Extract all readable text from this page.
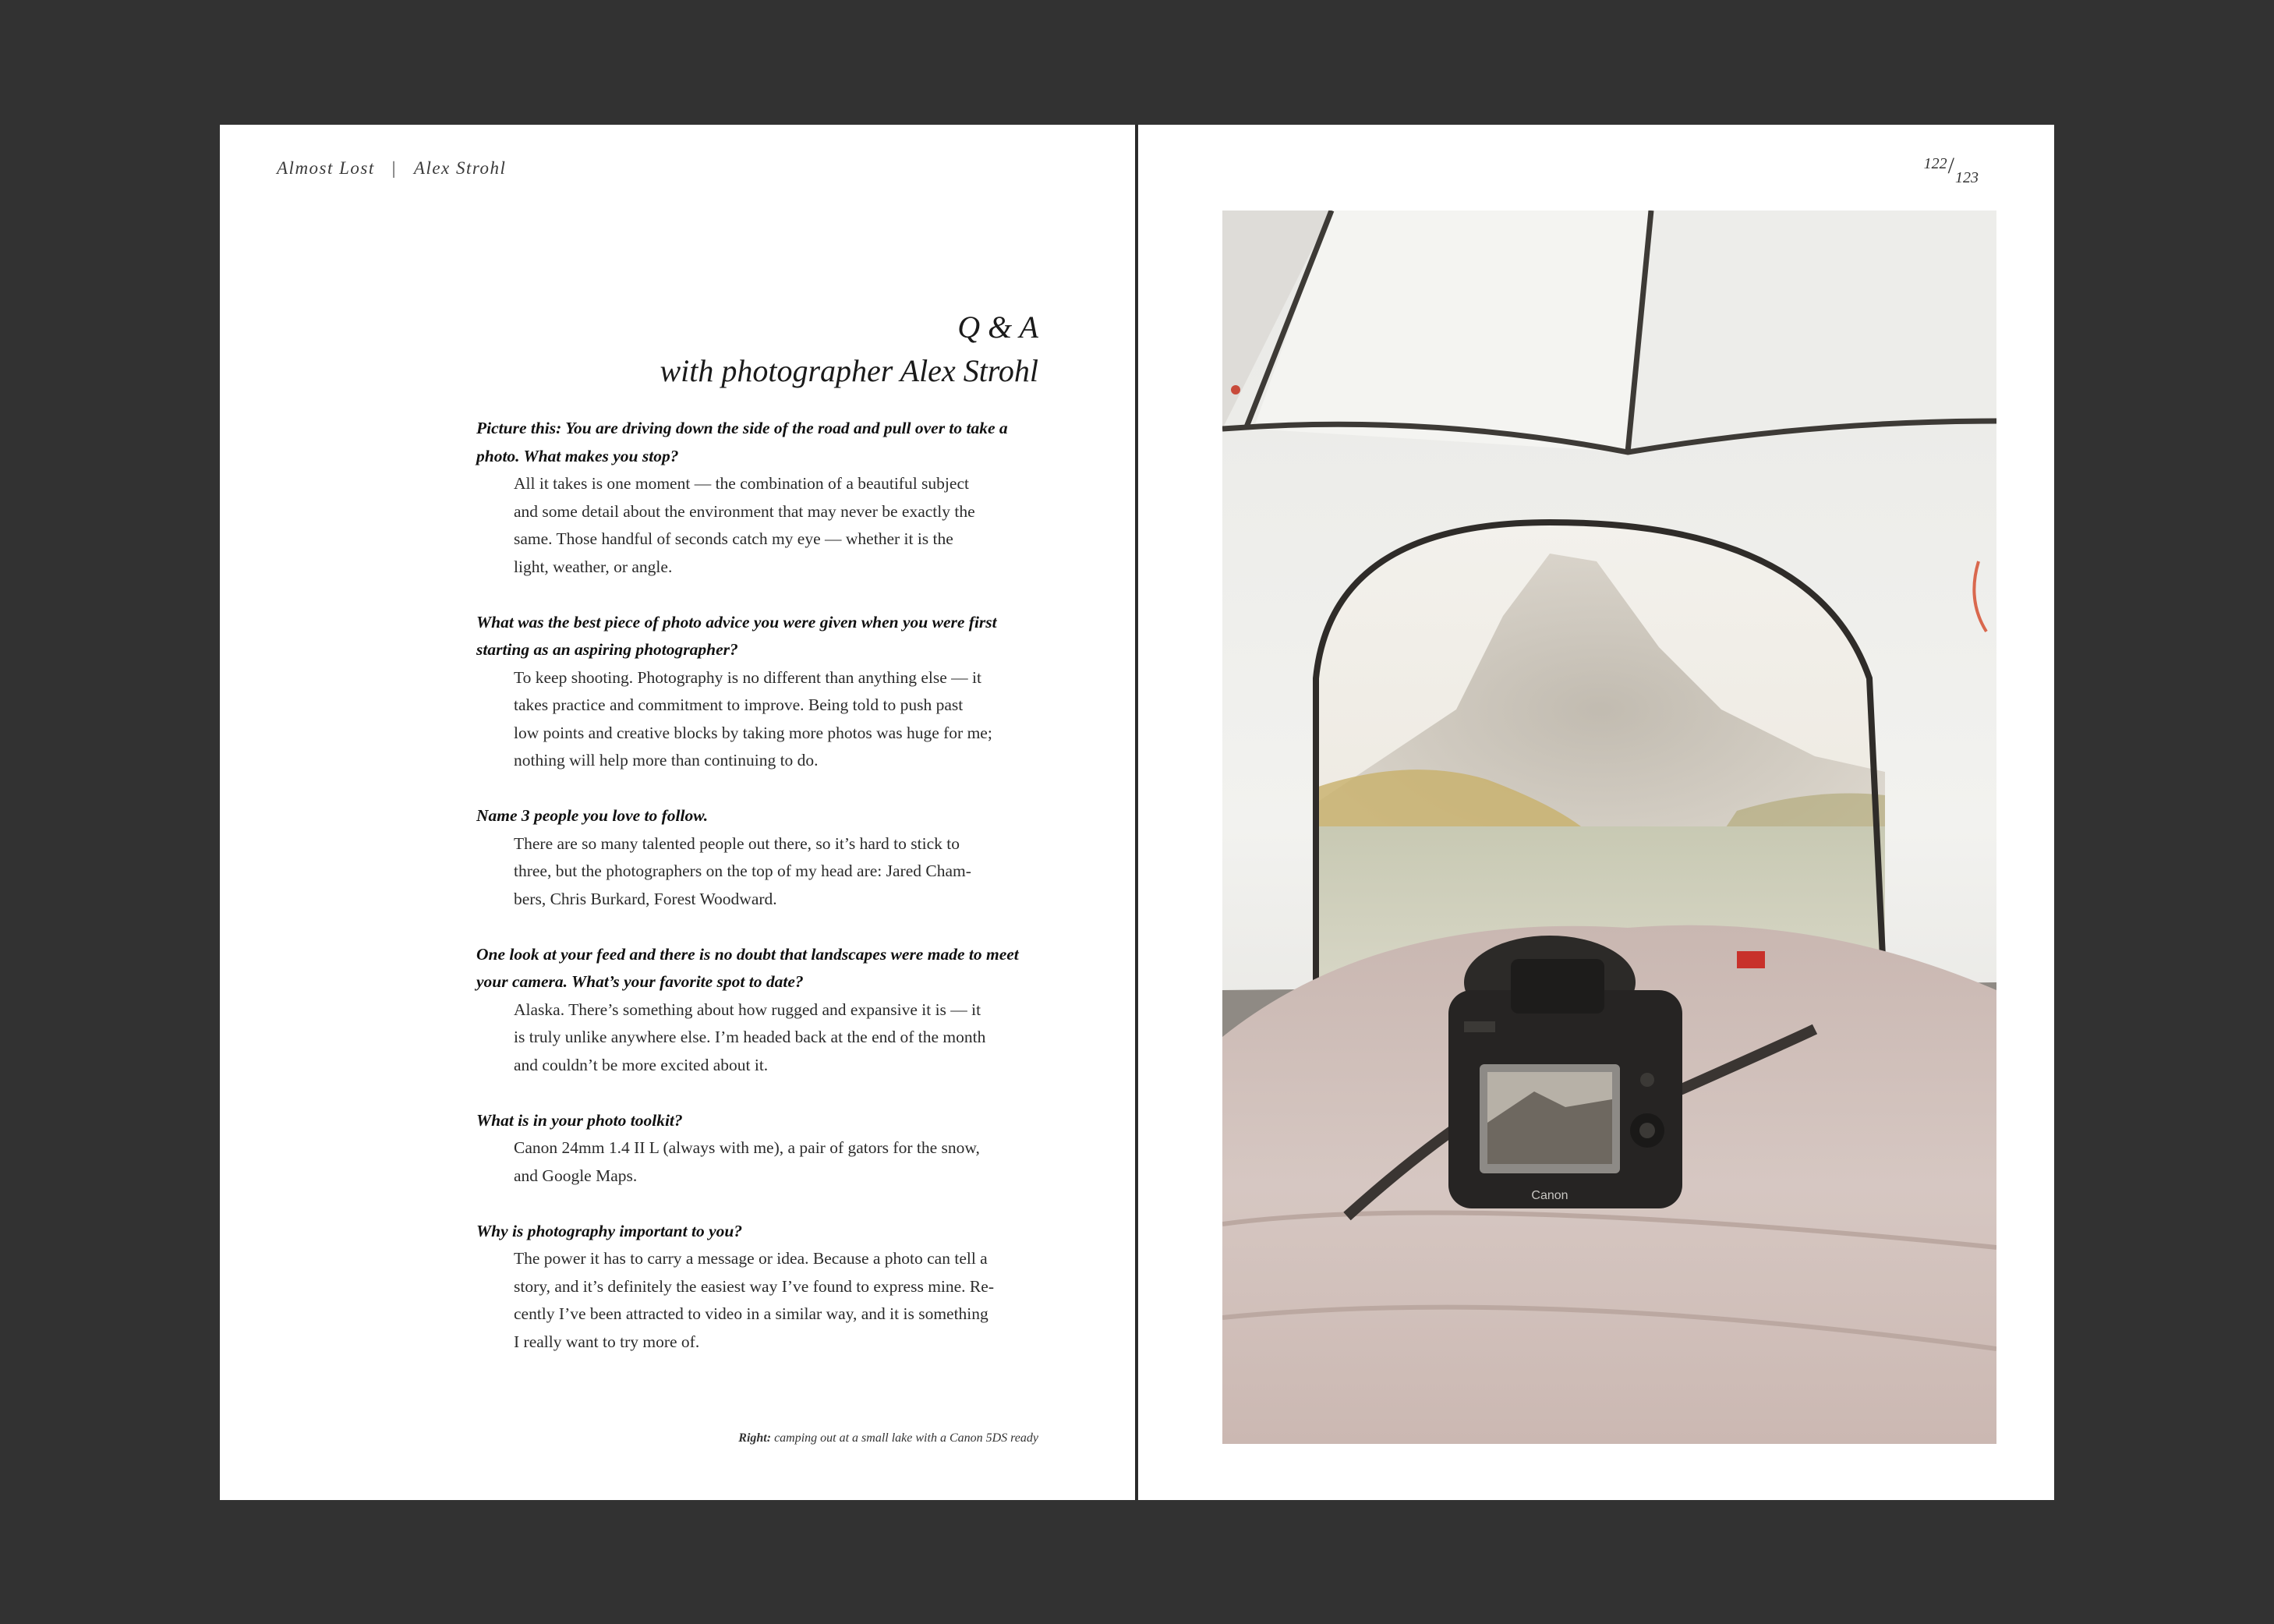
Almost Lost | Alex Strohl
Q & A
with photographer Alex Strohl

Picture this: You are driving down the side of the road and pull over to take a
photo. What makes you stop?

All it takes is one moment — the combination of a beautiful subject
and some detail about the environment that may never be exactly the
same. Those handful of seconds catch my eye — whether it is the
light, weather, or angle.

What was the best piece of photo advice you were given when you were first
starting as an aspiring photographer?

To keep shooting. Photography is no different than anything else — it
takes practice and commitment to improve. Being told to push past
low points and creative blocks by taking more photos was huge for me;
nothing will help more than continuing to do.

Name 3 people you love to follow.

There are so many talented people out there, so it’s hard to stick to
three, but the photographers on the top of my head are: Jared Cham-
bers, Chris Burkard, Forest Woodward.

One look at your feed and there is no doubt that landscapes were made to meet
your camera. What’s your favorite spot to date?

Alaska. There’s something about how rugged and expansive it is — it
is truly unlike anywhere else. I’m headed back at the end of the month
and couldn’t be more excited about it.

What is in your photo toolkit?

Canon 24mm 1.4 II L (always with me), a pair of gators for the snow,
and Google Maps.

Why is photography important to you?

The power it has to carry a message or idea. Because a photo can tell a
story, and it’s definitely the easiest way I’ve found to express mine. Re-
cently I’ve been attracted to video in a similar way, and it is something
I really want to try more of.

Right: camping out at a small lake with a Canon 5DS ready
122/123
Canon
